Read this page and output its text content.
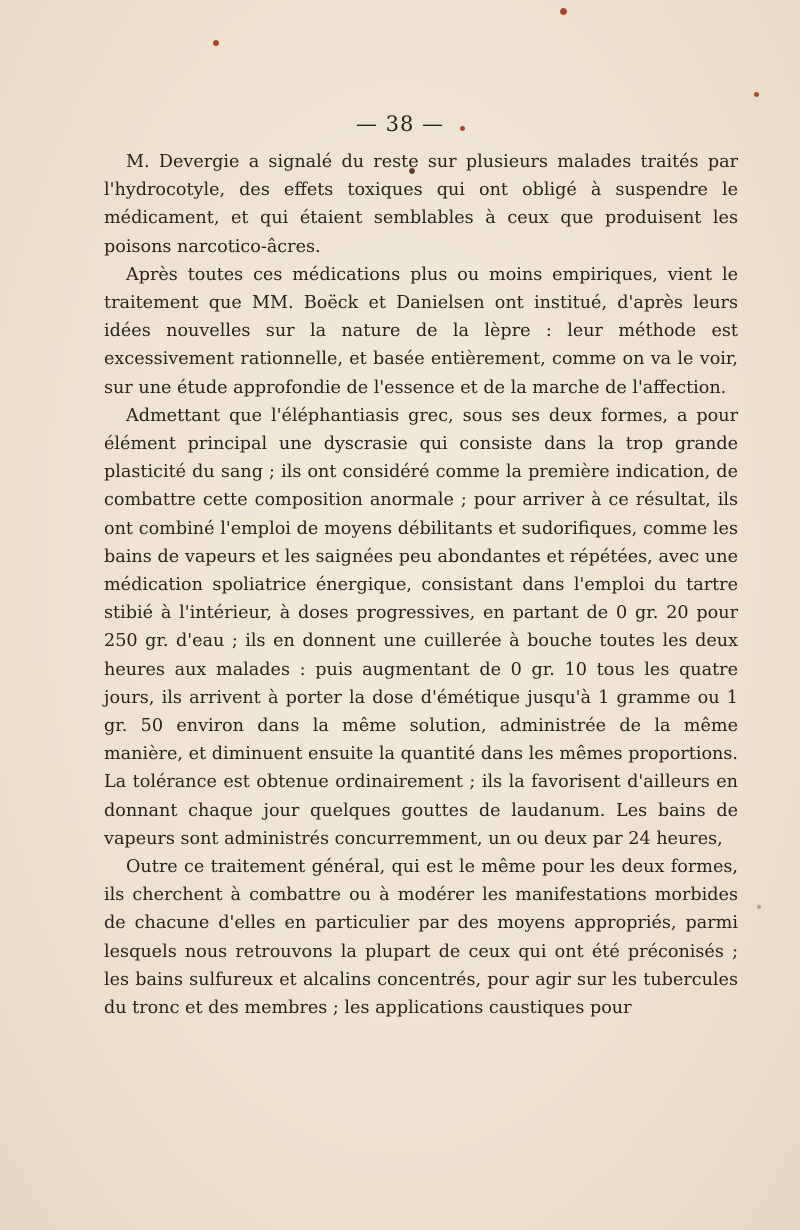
— 38 —

M. Devergie a signalé du reste sur plusieurs malades traités par l'hydrocotyle, des effets toxiques qui ont obligé à suspendre le médicament, et qui étaient semblables à ceux que produisent les poisons narcotico-âcres.

Après toutes ces médications plus ou moins empiriques, vient le traitement que MM. Boëck et Danielsen ont institué, d'après leurs idées nouvelles sur la nature de la lèpre : leur méthode est excessivement rationnelle, et basée entièrement, comme on va le voir, sur une étude approfondie de l'essence et de la marche de l'affection.

Admettant que l'éléphantiasis grec, sous ses deux formes, a pour élément principal une dyscrasie qui consiste dans la trop grande plasticité du sang ; ils ont considéré comme la première indication, de combattre cette composition anormale ; pour arriver à ce résultat, ils ont combiné l'emploi de moyens débilitants et sudorifiques, comme les bains de vapeurs et les saignées peu abondantes et répétées, avec une médication spoliatrice énergique, consistant dans l'emploi du tartre stibié à l'intérieur, à doses progressives, en partant de 0 gr. 20 pour 250 gr. d'eau ; ils en donnent une cuillerée à bouche toutes les deux heures aux malades : puis augmentant de 0 gr. 10 tous les quatre jours, ils arrivent à porter la dose d'émétique jusqu'à 1 gramme ou 1 gr. 50 environ dans la même solution, administrée de la même manière, et diminuent ensuite la quantité dans les mêmes proportions. La tolérance est obtenue ordinairement ; ils la favorisent d'ailleurs en donnant chaque jour quelques gouttes de laudanum. Les bains de vapeurs sont administrés concurremment, un ou deux par 24 heures,

Outre ce traitement général, qui est le même pour les deux formes, ils cherchent à combattre ou à modérer les manifestations morbides de chacune d'elles en particulier par des moyens appropriés, parmi lesquels nous retrouvons la plupart de ceux qui ont été préconisés ; les bains sulfureux et alcalins concentrés, pour agir sur les tubercules du tronc et des membres ; les applications caustiques pour
